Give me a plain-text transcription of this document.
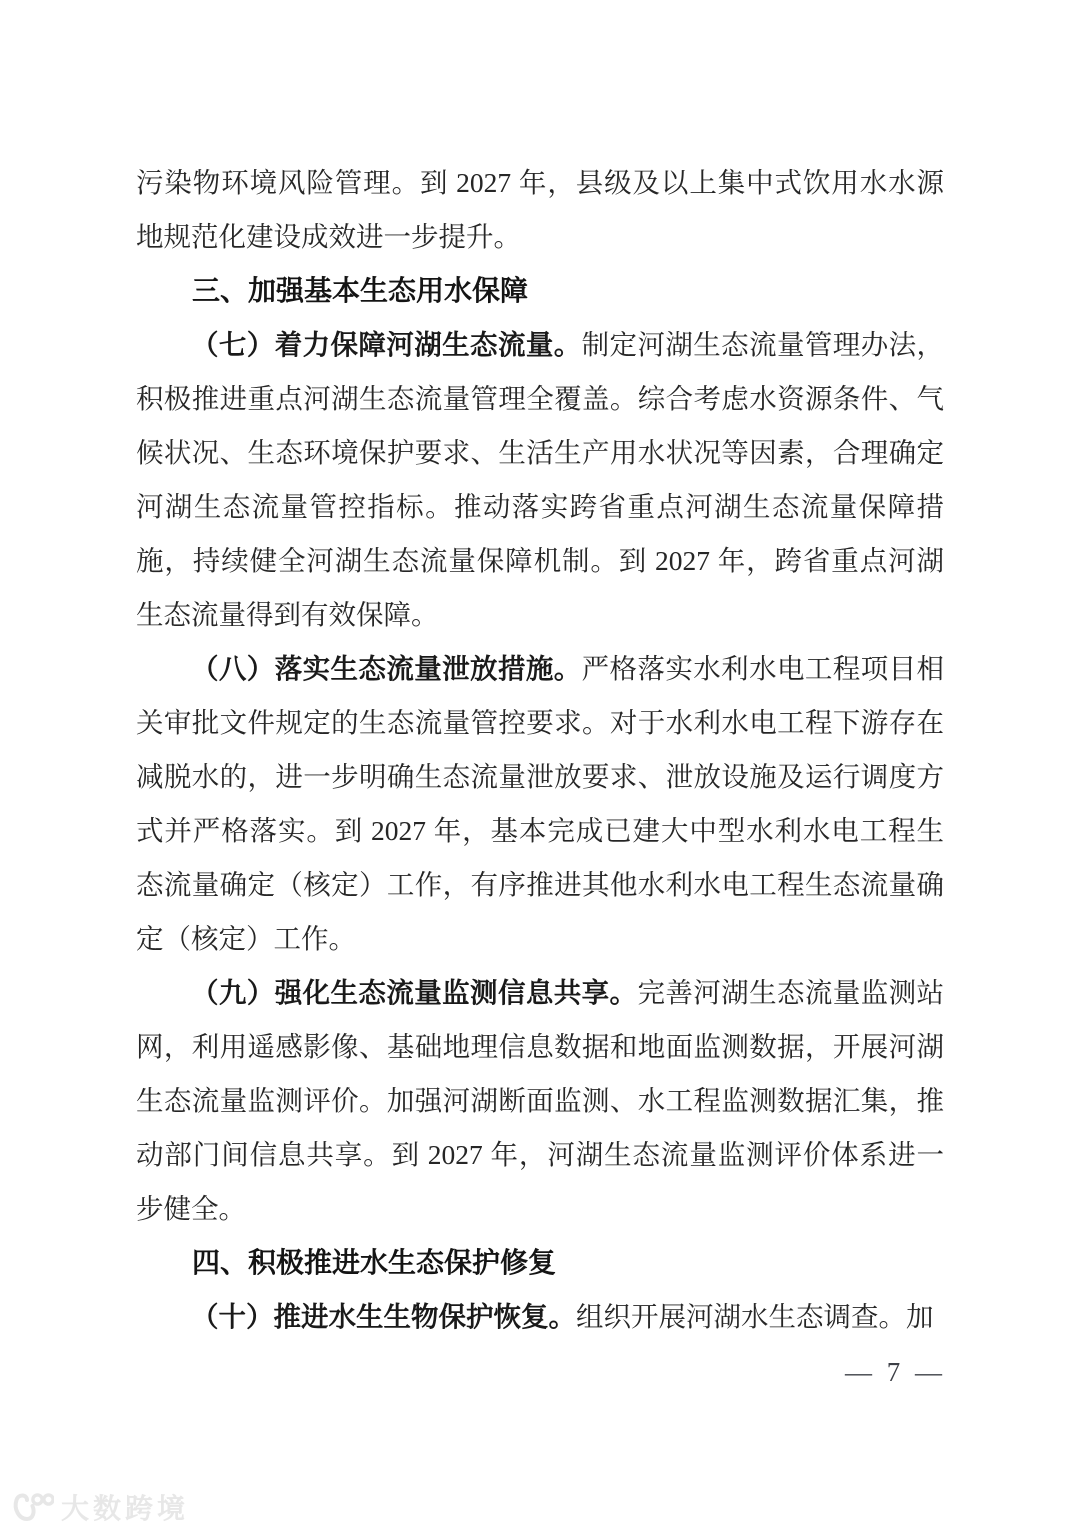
污染物环境风险管理。到 2027 年，县级及以上集中式饮用水水源地规范化建设成效进一步提升。

三、加强基本生态用水保障

（七）着力保障河湖生态流量。制定河湖生态流量管理办法，积极推进重点河湖生态流量管理全覆盖。综合考虑水资源条件、气候状况、生态环境保护要求、生活生产用水状况等因素，合理确定河湖生态流量管控指标。推动落实跨省重点河湖生态流量保障措施，持续健全河湖生态流量保障机制。到 2027 年，跨省重点河湖生态流量得到有效保障。

（八）落实生态流量泄放措施。严格落实水利水电工程项目相关审批文件规定的生态流量管控要求。对于水利水电工程下游存在减脱水的，进一步明确生态流量泄放要求、泄放设施及运行调度方式并严格落实。到 2027 年，基本完成已建大中型水利水电工程生态流量确定（核定）工作，有序推进其他水利水电工程生态流量确定（核定）工作。

（九）强化生态流量监测信息共享。完善河湖生态流量监测站网，利用遥感影像、基础地理信息数据和地面监测数据，开展河湖生态流量监测评价。加强河湖断面监测、水工程监测数据汇集，推动部门间信息共享。到 2027 年，河湖生态流量监测评价体系进一步健全。

四、积极推进水生态保护修复

（十）推进水生生物保护恢复。组织开展河湖水生态调查。加

— 7 —
大数跨境
